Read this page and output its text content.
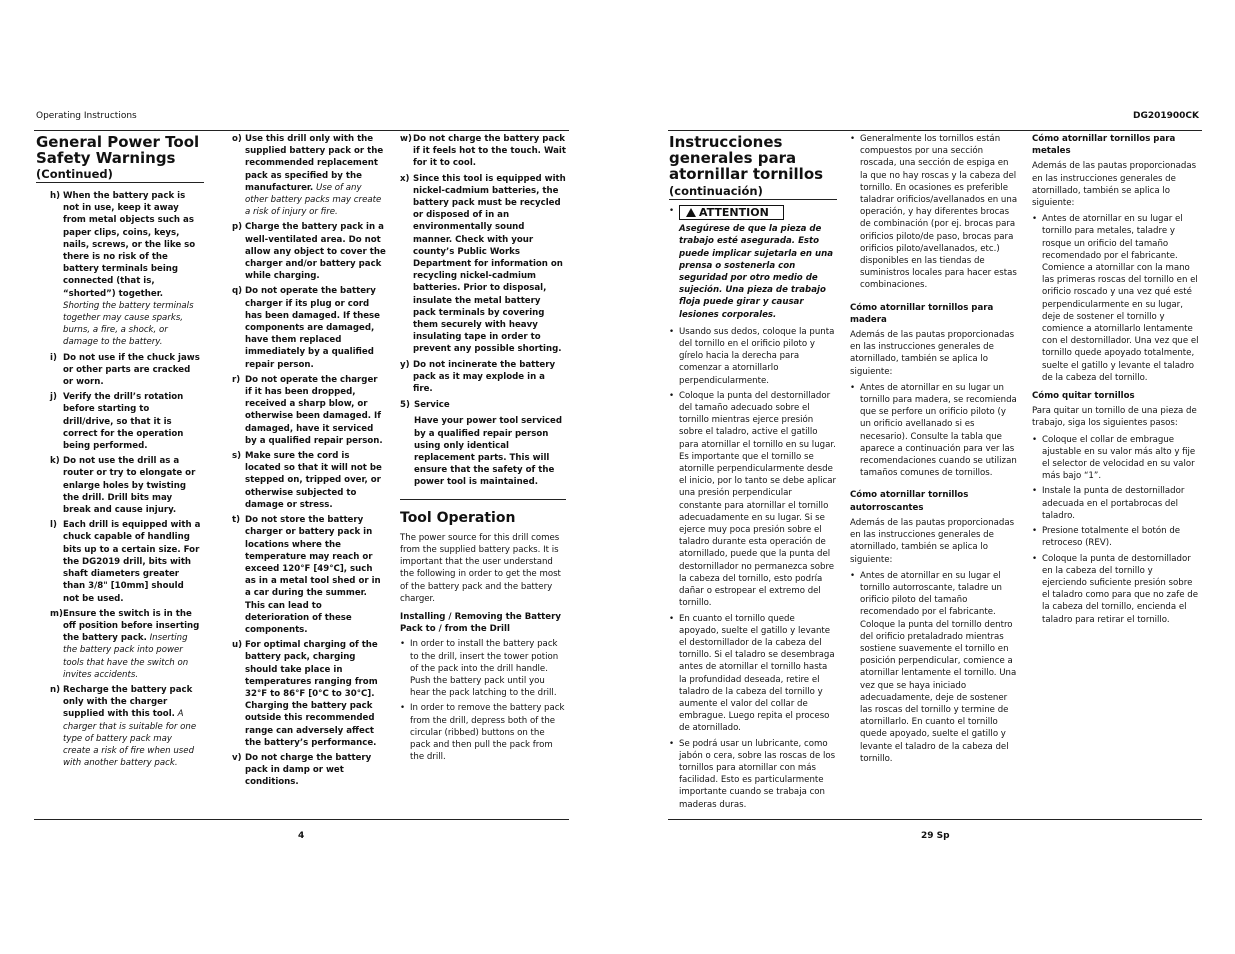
Operating Instructions	DG201900CK
General Power Tool
Safety Warnings
(Continued)
h) When the battery pack is not in use, keep it away from metal objects such as paper clips, coins, keys, nails, screws, or the like so there is no risk of the battery terminals being connected (that is, “shorted”) together. Shorting the battery terminals together may cause sparks, burns, a fire, a shock, or damage to the battery.
i) Do not use if the chuck jaws or other parts are cracked or worn.
j) Verify the drill’s rotation before starting to drill/drive, so that it is correct for the operation being performed.
k) Do not use the drill as a router or try to elongate or enlarge holes by twisting the drill. Drill bits may break and cause injury.
l) Each drill is equipped with a chuck capable of handling bits up to a certain size. For the DG2019 drill, bits with shaft diameters greater than 3/8" [10mm] should not be used.
m) Ensure the switch is in the off position before inserting the battery pack. Inserting the battery pack into power tools that have the switch on invites accidents.
n) Recharge the battery pack only with the charger supplied with this tool. A charger that is suitable for one type of battery pack may create a risk of fire when used with another battery pack.
o) Use this drill only with the supplied battery pack or the recommended replacement pack as specified by the manufacturer. Use of any other battery packs may create a risk of injury or fire.
p) Charge the battery pack in a well-ventilated area. Do not allow any object to cover the charger and/or battery pack while charging.
q) Do not operate the battery charger if its plug or cord has been damaged. If these components are damaged, have them replaced immediately by a qualified repair person.
r) Do not operate the charger if it has been dropped, received a sharp blow, or otherwise been damaged. If damaged, have it serviced by a qualified repair person.
s) Make sure the cord is located so that it will not be stepped on, tripped over, or otherwise subjected to damage or stress.
t) Do not store the battery charger or battery pack in locations where the temperature may reach or exceed 120°F [49°C], such as in a metal tool shed or in a car during the summer. This can lead to deterioration of these components.
u) For optimal charging of the battery pack, charging should take place in temperatures ranging from 32°F to 86°F [0°C to 30°C]. Charging the battery pack outside this recommended range can adversely affect the battery’s performance.
v) Do not charge the battery pack in damp or wet conditions.
w) Do not charge the battery pack if it feels hot to the touch. Wait for it to cool.
x) Since this tool is equipped with nickel-cadmium batteries, the battery pack must be recycled or disposed of in an environmentally sound manner. Check with your county’s Public Works Department for information on recycling nickel-cadmium batteries. Prior to disposal, insulate the metal battery pack terminals by covering them securely with heavy insulating tape in order to prevent any possible shorting.
y) Do not incinerate the battery pack as it may explode in a fire.
5) Service
Have your power tool serviced by a qualified repair person using only identical replacement parts. This will ensure that the safety of the power tool is maintained.
Tool Operation

The power source for this drill comes from the supplied battery packs. It is important that the user understand the following in order to get the most of the battery pack and the battery charger.

Installing / Removing the Battery Pack to / from the Drill
• In order to install the battery pack to the drill, insert the tower potion of the pack into the drill handle. Push the battery pack until you hear the pack latching to the drill.
• In order to remove the battery pack from the drill, depress both of the circular (ribbed) buttons on the pack and then pull the pack from the drill.
4
Instrucciones
generales para
atornillar tornillos
(continuación)
•	ATTENTION
Asegúrese de que la pieza de trabajo esté asegurada. Esto puede implicar sujetarla en una prensa o sostenerla con seguridad por otro medio de sujeción. Una pieza de trabajo floja puede girar y causar lesiones corporales.
• Usando sus dedos, coloque la punta del tornillo en el orificio piloto y gírelo hacia la derecha para comenzar a atornillarlo perpendicularmente.
• Coloque la punta del destornillador del tamaño adecuado sobre el tornillo mientras ejerce presión sobre el taladro, active el gatillo para atornillar el tornillo en su lugar. Es importante que el tornillo se atornille perpendicularmente desde el inicio, por lo tanto se debe aplicar una presión perpendicular constante para atornillar el tornillo adecuadamente en su lugar. Si se ejerce muy poca presión sobre el taladro durante esta operación de atornillado, puede que la punta del destornillador no permanezca sobre la cabeza del tornillo, esto podría dañar o estropear el extremo del tornillo.
• En cuanto el tornillo quede apoyado, suelte el gatillo y levante el destornillador de la cabeza del tornillo. Si el taladro se desembraga antes de atornillar el tornillo hasta la profundidad deseada, retire el taladro de la cabeza del tornillo y aumente el valor del collar de embrague. Luego repita el proceso de atornillado.
• Se podrá usar un lubricante, como jabón o cera, sobre las roscas de los tornillos para atornillar con más facilidad. Esto es particularmente importante cuando se trabaja con maderas duras.
• Generalmente los tornillos están compuestos por una sección roscada, una sección de espiga en la que no hay roscas y la cabeza del tornillo. En ocasiones es preferible taladrar orificios/avellanados en una operación, y hay diferentes brocas de combinación (por ej. brocas para orificios piloto/de paso, brocas para orificios piloto/avellanados, etc.) disponibles en las tiendas de suministros locales para hacer estas combinaciones.
Cómo atornillar tornillos para madera

Además de las pautas proporcionadas en las instrucciones generales de atornillado, también se aplica lo siguiente:

• Antes de atornillar en su lugar un tornillo para madera, se recomienda que se perfore un orificio piloto (y un orificio avellanado si es necesario). Consulte la tabla que aparece a continuación para ver las recomendaciones cuando se utilizan tamaños comunes de tornillos.
Cómo atornillar tornillos autorroscantes

Además de las pautas proporcionadas en las instrucciones generales de atornillado, también se aplica lo siguiente:

• Antes de atornillar en su lugar el tornillo autorroscante, taladre un orificio piloto del tamaño recomendado por el fabricante. Coloque la punta del tornillo dentro del orificio pretaladrado mientras sostiene suavemente el tornillo en posición perpendicular, comience a atornillar lentamente el tornillo. Una vez que se haya iniciado adecuadamente, deje de sostener las roscas del tornillo y termine de atornillarlo. En cuanto el tornillo quede apoyado, suelte el gatillo y levante el taladro de la cabeza del tornillo.
Cómo atornillar tornillos para metales

Además de las pautas proporcionadas en las instrucciones generales de atornillado, también se aplica lo siguiente:

• Antes de atornillar en su lugar el tornillo para metales, taladre y rosque un orificio del tamaño recomendado por el fabricante. Comience a atornillar con la mano las primeras roscas del tornillo en el orificio roscado y una vez qué esté perpendicularmente en su lugar, deje de sostener el tornillo y comience a atornillarlo lentamente con el destornillador. Una vez que el tornillo quede apoyado totalmente, suelte el gatillo y levante el taladro de la cabeza del tornillo.
Cómo quitar tornillos

Para quitar un tornillo de una pieza de trabajo, siga los siguientes pasos:

• Coloque el collar de embrague ajustable en su valor más alto y fije el selector de velocidad en su valor más bajo “1”.
• Instale la punta de destornillador adecuada en el portabrocas del taladro.
• Presione totalmente el botón de retroceso (REV).
• Coloque la punta de destornillador en la cabeza del tornillo y ejerciendo suficiente presión sobre el taladro como para que no zafe de la cabeza del tornillo, encienda el taladro para retirar el tornillo.
29 Sp
